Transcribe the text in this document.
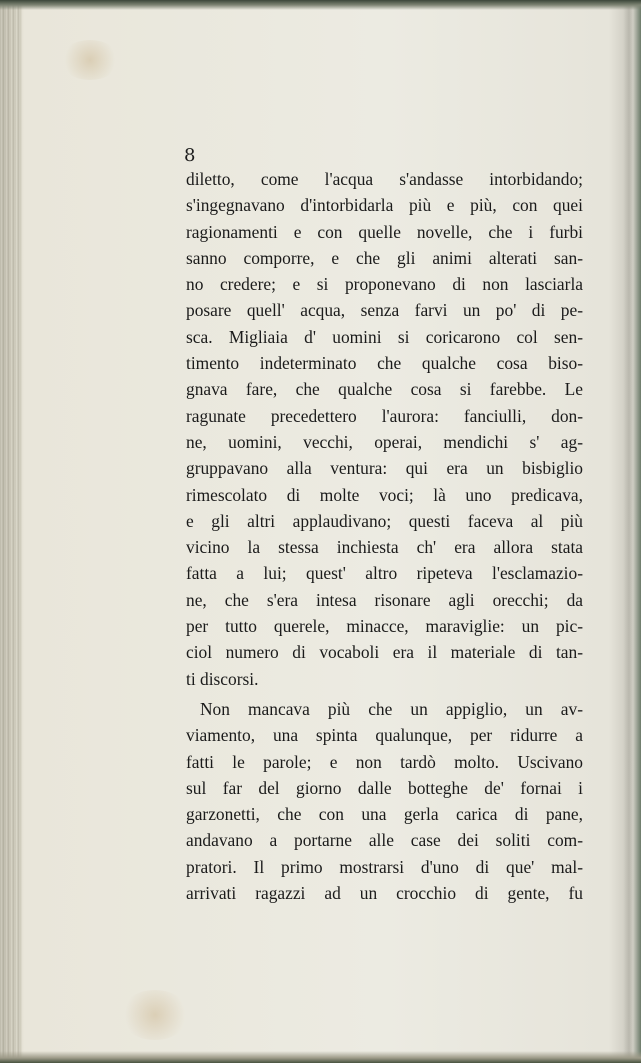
8
diletto, come l'acqua s'andasse intorbidando;
s'ingegnavano d'intorbidarla più e più, con quei
ragionamenti e con quelle novelle, che i furbi
sanno comporre, e che gli animi alterati san-
no credere; e si proponevano di non lasciarla
posare quell' acqua, senza farvi un po' di pe-
sca. Migliaia d' uomini si coricarono col sen-
timento indeterminato che qualche cosa biso-
gnava fare, che qualche cosa si farebbe. Le
ragunate precedettero l'aurora: fanciulli, don-
ne, uomini, vecchi, operai, mendichi s' ag-
gruppavano alla ventura: qui era un bisbiglio
rimescolato di molte voci; là uno predicava,
e gli altri applaudivano; questi faceva al più
vicino la stessa inchiesta ch' era allora stata
fatta a lui; quest' altro ripeteva l'esclamazio-
ne, che s'era intesa risonare agli orecchi; da
per tutto querele, minacce, maraviglie: un pic-
ciol numero di vocaboli era il materiale di tan-
ti discorsi.
Non mancava più che un appiglio, un av-
viamento, una spinta qualunque, per ridurre a
fatti le parole; e non tardò molto. Uscivano
sul far del giorno dalle botteghe de' fornai i
garzonetti, che con una gerla carica di pane,
andavano a portarne alle case dei soliti com-
pratori. Il primo mostrarsi d'uno di que' mal-
arrivati ragazzi ad un crocchio di gente, fu
